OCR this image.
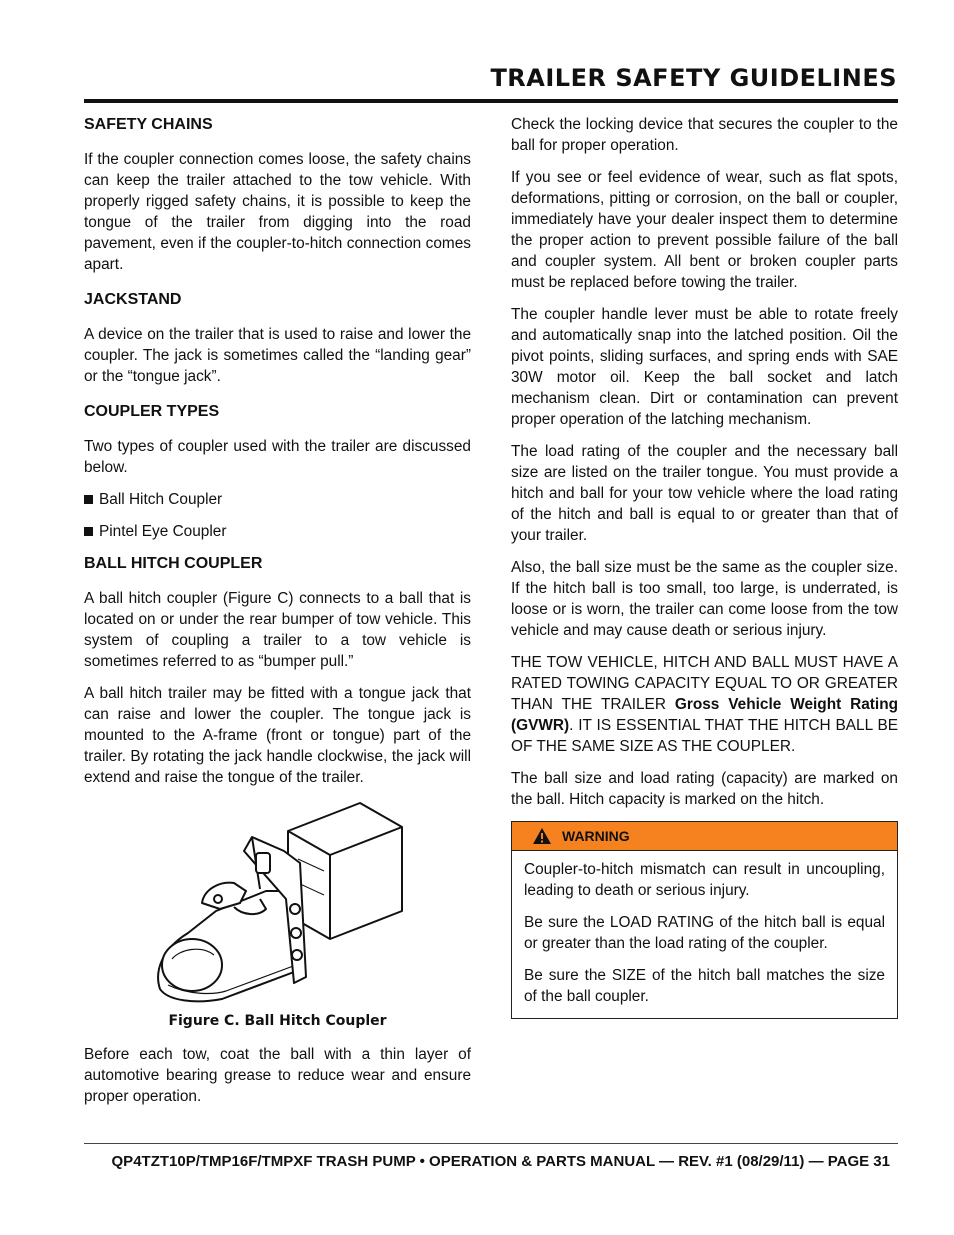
TRAILER SAFETY GUIDELINES
SAFETY CHAINS

If the coupler connection comes loose, the safety chains can keep the trailer attached to the tow vehicle. With properly rigged safety chains, it is possible to keep the tongue of the trailer from digging into the road pavement, even if the coupler-to-hitch connection comes apart.

JACKSTAND

A device on the trailer that is used to raise and lower the coupler. The jack is sometimes called the “landing gear” or the “tongue jack”.

COUPLER TYPES

Two types of coupler used with the trailer are discussed below.

Ball Hitch Coupler
Pintel Eye Coupler
BALL HITCH COUPLER

A ball hitch coupler (Figure C) connects to a ball that is located on or under the rear bumper of tow vehicle. This system of coupling a trailer to a tow vehicle is sometimes referred to as “bumper pull.”

A ball hitch trailer may be fitted with a tongue jack that can raise and lower the coupler. The tongue jack is mounted to the A-frame (front or tongue) part of the trailer. By rotating the jack handle clockwise, the jack will extend and raise the tongue of the trailer.

Figure C. Ball Hitch Coupler

Before each tow, coat the ball with a thin layer of automotive bearing grease to reduce wear and ensure proper operation.

Check the locking device that secures the coupler to the ball for proper operation.

If you see or feel evidence of wear, such as flat spots, deformations, pitting or corrosion, on the ball or coupler, immediately have your dealer inspect them to determine the proper action to prevent possible failure of the ball and coupler system. All bent or broken coupler parts must be replaced before towing the trailer.

The coupler handle lever must be able to rotate freely and automatically snap into the latched position. Oil the pivot points, sliding surfaces, and spring ends with SAE 30W motor oil. Keep the ball socket and latch mechanism clean. Dirt or contamination can prevent proper operation of the latching mechanism.

The load rating of the coupler and the necessary ball size are listed on the trailer tongue. You must provide a hitch and ball for your tow vehicle where the load rating of the hitch and ball is equal to or greater than that of your trailer.

Also, the ball size must be the same as the coupler size. If the hitch ball is too small, too large, is underrated, is loose or is worn, the trailer can come loose from the tow vehicle and may cause death or serious injury.

THE TOW VEHICLE, HITCH AND BALL MUST HAVE A RATED TOWING CAPACITY EQUAL TO OR GREATER THAN THE TRAILER Gross Vehicle Weight Rating (GVWR). IT IS ESSENTIAL THAT THE HITCH BALL BE OF THE SAME SIZE AS THE COUPLER.

The ball size and load rating (capacity) are marked on the ball. Hitch capacity is marked on the hitch.

WARNING

Coupler-to-hitch mismatch can result in uncoupling, leading to death or serious injury.

Be sure the LOAD RATING of the hitch ball is equal or greater than the load rating of the coupler.

Be sure the SIZE of the hitch ball matches the size of the ball coupler.

QP4TZT10P/TMP16F/TMPXF TRASH PUMP • OPERATION & PARTS MANUAL — REV. #1 (08/29/11) — PAGE 31
